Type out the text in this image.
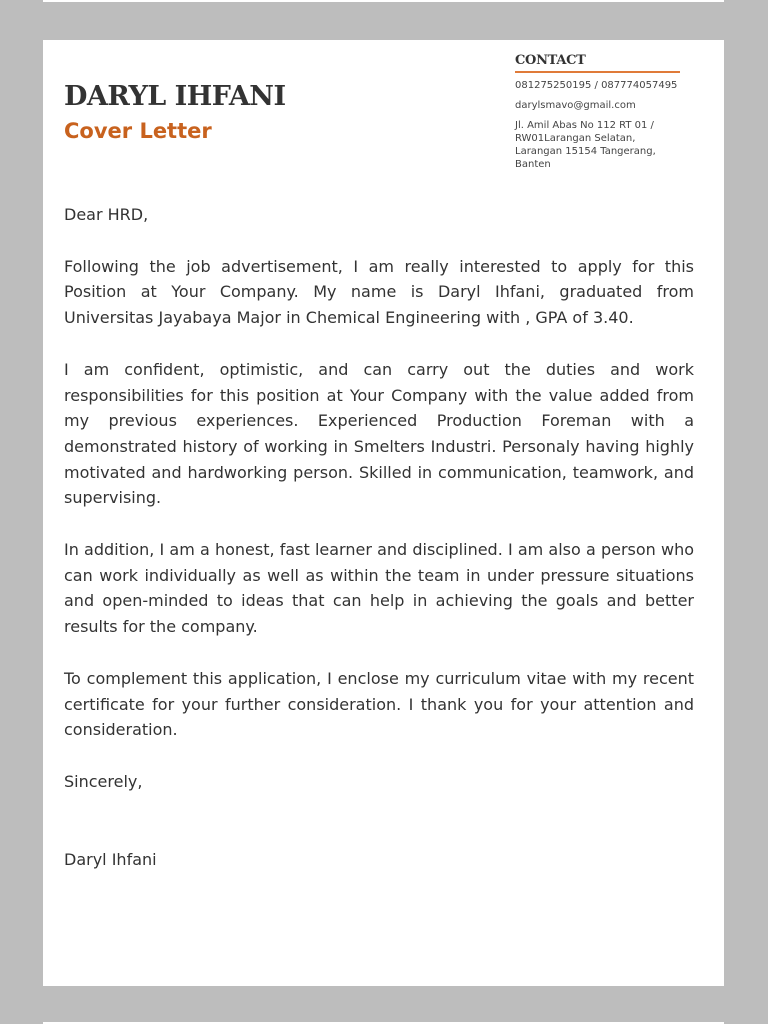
DARYL IHFANI
Cover Letter
CONTACT
081275250195 / 087774057495
darylsmavo@gmail.com
Jl. Amil Abas No 112 RT 01 / RW01Larangan Selatan, Larangan 15154 Tangerang, Banten

Dear HRD,

Following the job advertisement, I am really interested to apply for this Position at Your Company. My name is Daryl Ihfani, graduated from Universitas Jayabaya Major in Chemical Engineering with , GPA of 3.40.

I am confident, optimistic, and can carry out the duties and work responsibilities for this position at Your Company with the value added from my previous experiences. Experienced Production Foreman with a demonstrated history of working in Smelters Industri. Personaly having highly motivated and hardworking person. Skilled in communication, teamwork, and supervising.

In addition, I am a honest, fast learner and disciplined. I am also a person who can work individually as well as within the team in under pressure situations and open-minded to ideas that can help in achieving the goals and better results for the company.

To complement this application, I enclose my curriculum vitae with my recent certificate for your further consideration. I thank you for your attention and consideration.

Sincerely,

Daryl Ihfani
